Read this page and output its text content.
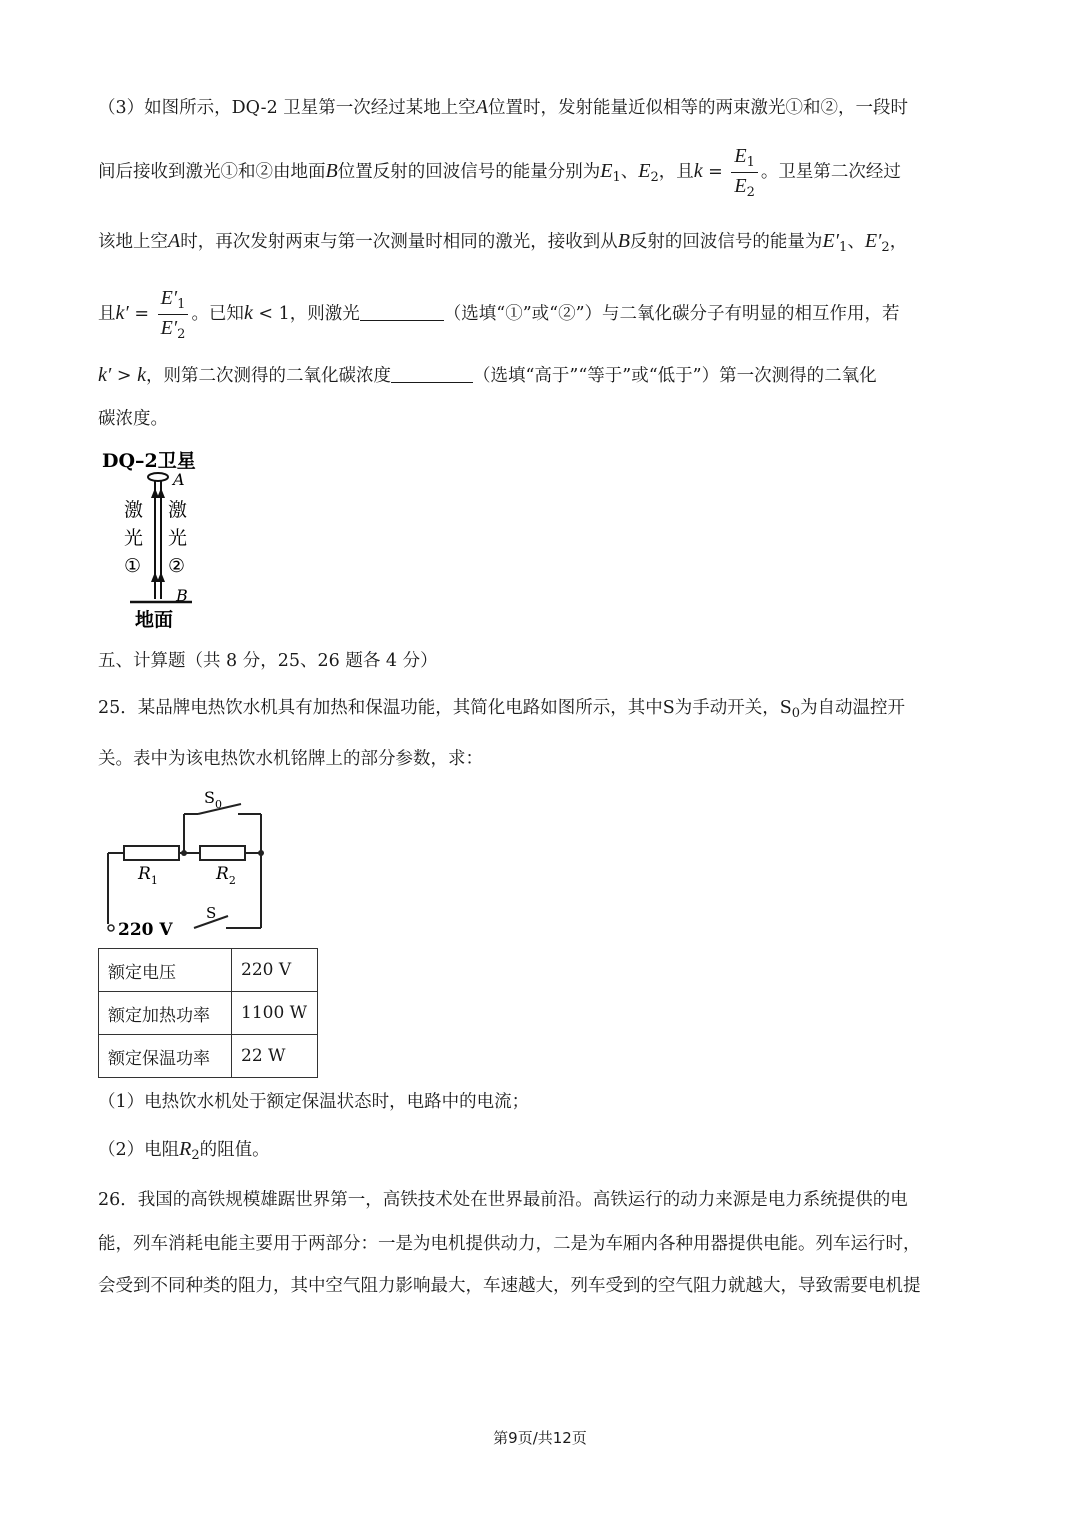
（3）如图所示，DQ-2 卫星第一次经过某地上空A位置时，发射能量近似相等的两束激光①和②，一段时
间后接收到激光①和②由地面B位置反射的回波信号的能量分别为$E_1$、$E_2$，且$k = \frac{E_1}{E_2}$ 。卫星第二次经过
该地上空A时，再次发射两束与第一次测量时相同的激光，接收到从B反射的回波信号的能量为$E'_1$、$E'_2$，
且$k' = \frac{E'_1}{E'_2}$ 。已知k < 1，则激光	（选填“①”或“②”）与二氧化碳分子有明显的相互作用，若
k′ > k，则第二次测得的二氧化碳浓度	（选填“高于”“等于”或“低于”）第一次测得的二氧化
碳浓度。
DQ–2卫星
A
激
光
①
激
光
②
B
地面
五、计算题（共 8 分，25、26 题各 4 分）
25．某品牌电热饮水机具有加热和保温功能，其简化电路如图所示，其中S为手动开关，$S_0$为自动温控开
关。表中为该电热饮水机铭牌上的部分参数，求：
$S_0$
$R_1$	$R_2$
220 V
S
额定电压	220 V
额定加热功率	1100 W
额定保温功率	22 W
（1）电热饮水机处于额定保温状态时，电路中的电流；
（2）电阻$R_2$的阻值。
26．我国的高铁规模雄踞世界第一，高铁技术处在世界最前沿。高铁运行的动力来源是电力系统提供的电
能，列车消耗电能主要用于两部分：一是为电机提供动力，二是为车厢内各种用器提供电能。列车运行时，
会受到不同种类的阻力，其中空气阻力影响最大，车速越大，列车受到的空气阻力就越大，导致需要电机提
第9页/共12页
